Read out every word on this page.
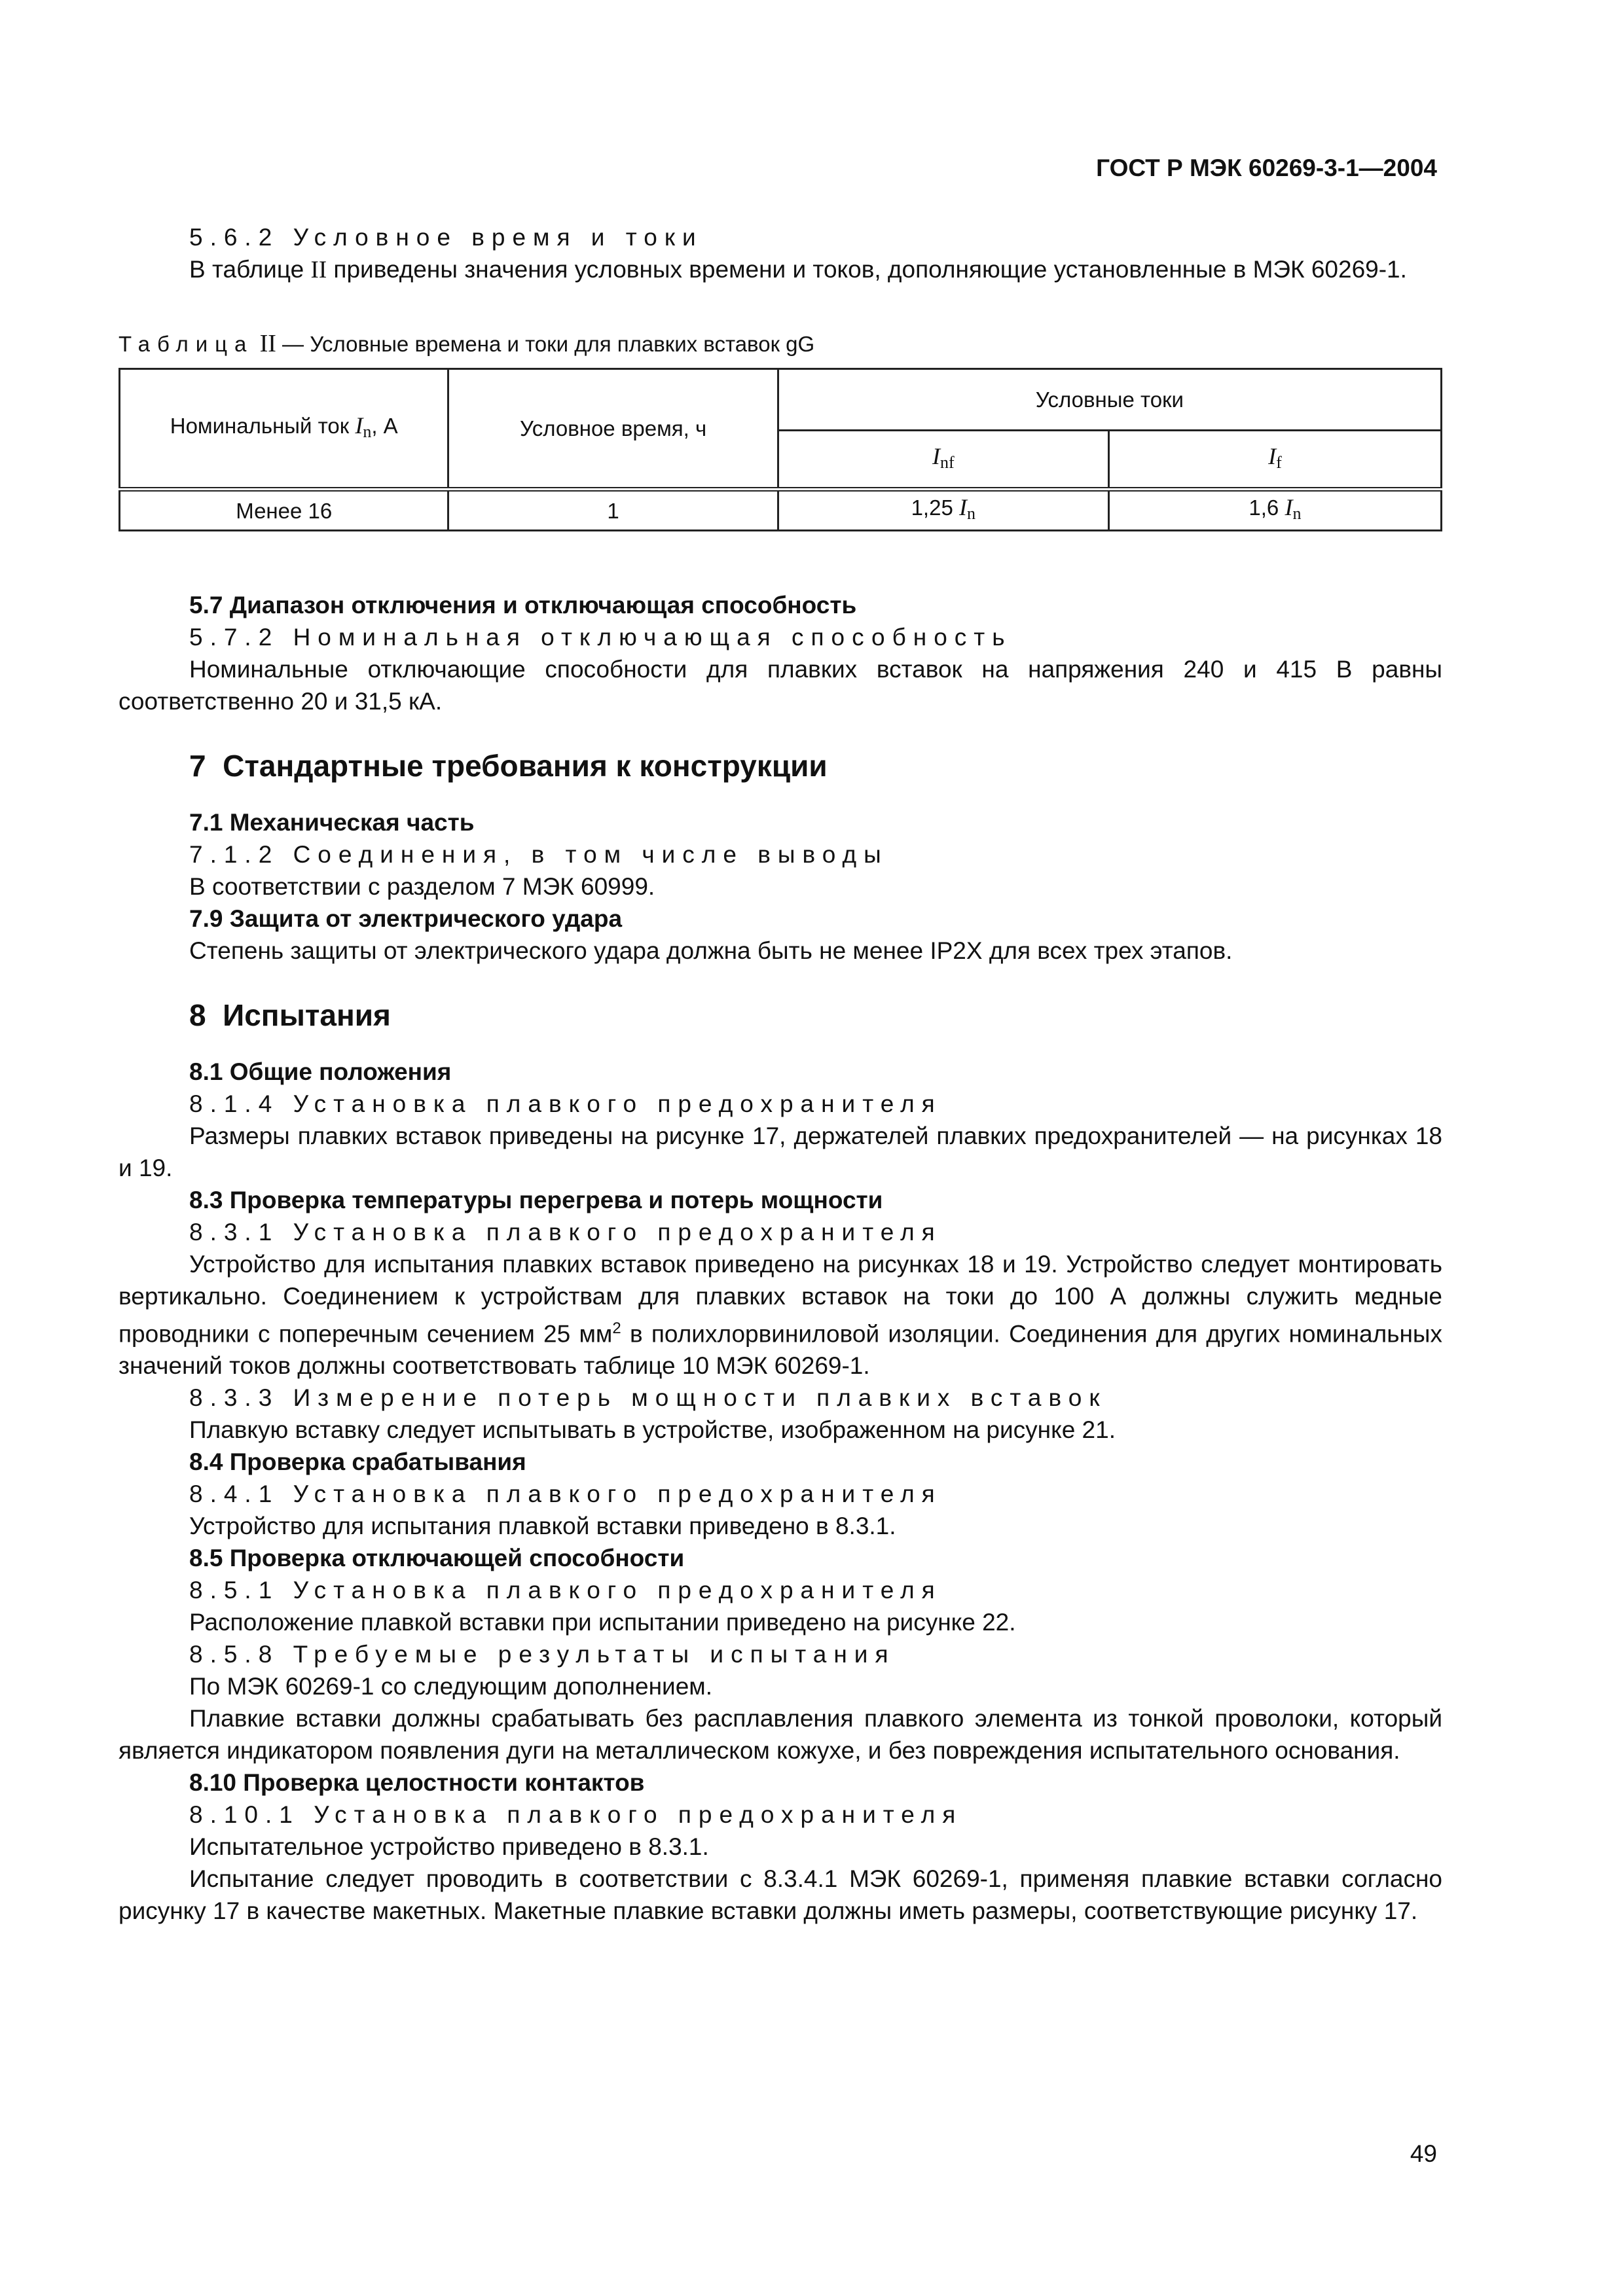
ГОСТ Р МЭК 60269-3-1—2004

5.6.2 Условное время и токи

В таблице II приведены значения условных времени и токов, дополняющие установленные в МЭК 60269-1.

Таблица II — Условные времена и токи для плавких вставок gG

Номинальный ток $I_n$, А	Условное время, ч	Условные токи	
		$I_{nf}$	$I_f$
Менее 16	1	1,25 $I_n$	1,6 $I_n$

5.7 Диапазон отключения и отключающая способность

5.7.2 Номинальная отключающая способность

Номинальные отключающие способности для плавких вставок на напряжения 240 и 415 В равны соответственно 20 и 31,5 кА.

7 Стандартные требования к конструкции

7.1 Механическая часть

7.1.2 Соединения, в том числе выводы

В соответствии с разделом 7 МЭК 60999.

7.9 Защита от электрического удара

Степень защиты от электрического удара должна быть не менее IP2X для всех трех этапов.

8 Испытания

8.1 Общие положения

8.1.4 Установка плавкого предохранителя

Размеры плавких вставок приведены на рисунке 17, держателей плавких предохранителей — на рисунках 18 и 19.

8.3 Проверка температуры перегрева и потерь мощности

8.3.1 Установка плавкого предохранителя

Устройство для испытания плавких вставок приведено на рисунках 18 и 19. Устройство следует монтировать вертикально. Соединением к устройствам для плавких вставок на токи до 100 А должны служить медные проводники с поперечным сечением 25 $мм^2$ в полихлорвиниловой изоляции. Соединения для других номинальных значений токов должны соответствовать таблице 10 МЭК 60269-1.

8.3.3 Измерение потерь мощности плавких вставок

Плавкую вставку следует испытывать в устройстве, изображенном на рисунке 21.

8.4 Проверка срабатывания

8.4.1 Установка плавкого предохранителя

Устройство для испытания плавкой вставки приведено в 8.3.1.

8.5 Проверка отключающей способности

8.5.1 Установка плавкого предохранителя

Расположение плавкой вставки при испытании приведено на рисунке 22.

8.5.8 Требуемые результаты испытания

По МЭК 60269-1 со следующим дополнением.

Плавкие вставки должны срабатывать без расплавления плавкого элемента из тонкой проволоки, который является индикатором появления дуги на металлическом кожухе, и без повреждения испытательного основания.

8.10 Проверка целостности контактов

8.10.1 Установка плавкого предохранителя

Испытательное устройство приведено в 8.3.1.

Испытание следует проводить в соответствии с 8.3.4.1 МЭК 60269-1, применяя плавкие вставки согласно рисунку 17 в качестве макетных. Макетные плавкие вставки должны иметь размеры, соответствующие рисунку 17.

49
